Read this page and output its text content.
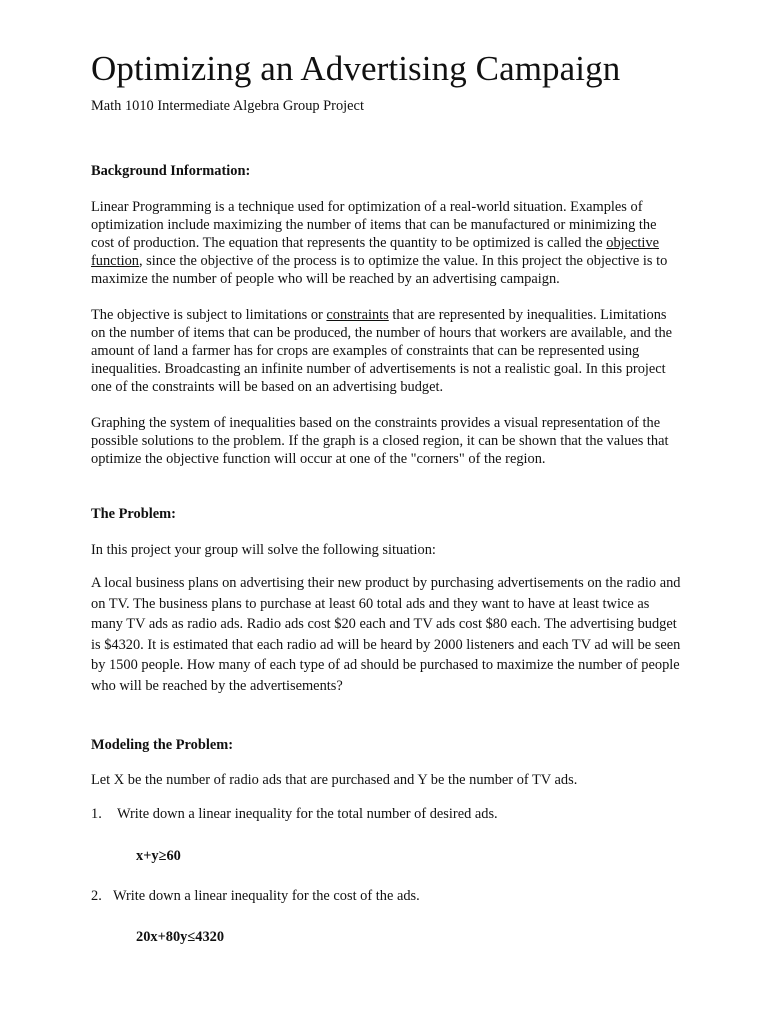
Optimizing an Advertising Campaign
Math 1010 Intermediate Algebra Group Project
Background Information:

Linear Programming is a technique used for optimization of a real-world situation. Examples of optimization include maximizing the number of items that can be manufactured or minimizing the cost of production. The equation that represents the quantity to be optimized is called the objective function, since the objective of the process is to optimize the value. In this project the objective is to maximize the number of people who will be reached by an advertising campaign.

The objective is subject to limitations or constraints that are represented by inequalities. Limitations on the number of items that can be produced, the number of hours that workers are available, and the amount of land a farmer has for crops are examples of constraints that can be represented using inequalities. Broadcasting an infinite number of advertisements is not a realistic goal. In this project one of the constraints will be based on an advertising budget.

Graphing the system of inequalities based on the constraints provides a visual representation of the possible solutions to the problem. If the graph is a closed region, it can be shown that the values that optimize the objective function will occur at one of the "corners" of the region.

The Problem:

In this project your group will solve the following situation:

A local business plans on advertising their new product by purchasing advertisements on the radio and on TV. The business plans to purchase at least 60 total ads and they want to have at least twice as many TV ads as radio ads. Radio ads cost $20 each and TV ads cost $80 each. The advertising budget is $4320. It is estimated that each radio ad will be heard by 2000 listeners and each TV ad will be seen by 1500 people. How many of each type of ad should be purchased to maximize the number of people who will be reached by the advertisements?

Modeling the Problem:

Let X be the number of radio ads that are purchased and Y be the number of TV ads.

1. Write down a linear inequality for the total number of desired ads.
x+y≥60
2. Write down a linear inequality for the cost of the ads.
20x+80y≤4320
